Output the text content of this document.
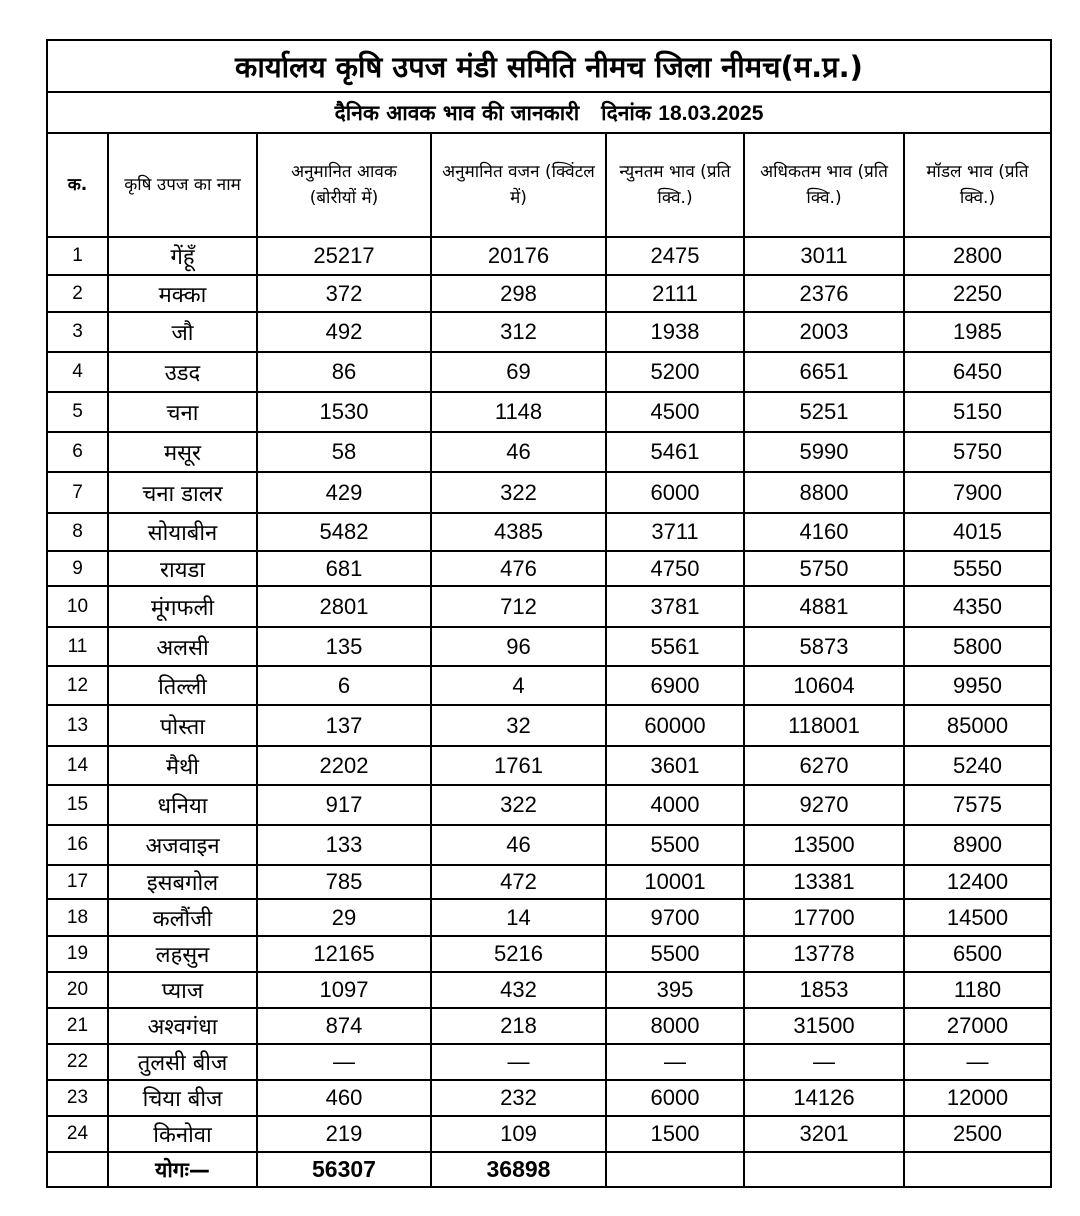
कार्यालय कृषि उपज मंडी समिति नीमच जिला नीमच(म.प्र.)						
दैनिक आवक भाव की जानकारी दिनांक 18.03.2025						
क.	कृषि उपज का नाम	अनुमानित आवक (बोरीयों में)	अनुमानित वजन (क्विंटल में)	न्युनतम भाव (प्रति क्वि.)	अधिकतम भाव (प्रति क्वि.)	मॉडल भाव (प्रति क्वि.)
1	गेंहूँ	25217	20176	2475	3011	2800
2	मक्का	372	298	2111	2376	2250
3	जौ	492	312	1938	2003	1985
4	उडद	86	69	5200	6651	6450
5	चना	1530	1148	4500	5251	5150
6	मसूर	58	46	5461	5990	5750
7	चना डालर	429	322	6000	8800	7900
8	सोयाबीन	5482	4385	3711	4160	4015
9	रायडा	681	476	4750	5750	5550
10	मूंगफली	2801	712	3781	4881	4350
11	अलसी	135	96	5561	5873	5800
12	तिल्ली	6	4	6900	10604	9950
13	पोस्ता	137	32	60000	118001	85000
14	मैथी	2202	1761	3601	6270	5240
15	धनिया	917	322	4000	9270	7575
16	अजवाइन	133	46	5500	13500	8900
17	इसबगोल	785	472	10001	13381	12400
18	कलौंजी	29	14	9700	17700	14500
19	लहसुन	12165	5216	5500	13778	6500
20	प्याज	1097	432	395	1853	1180
21	अश्वगंधा	874	218	8000	31500	27000
22	तुलसी बीज	—	—	—	—	—
23	चिया बीज	460	232	6000	14126	12000
24	किनोवा	219	109	1500	3201	2500
	योगः—	56307	36898			
